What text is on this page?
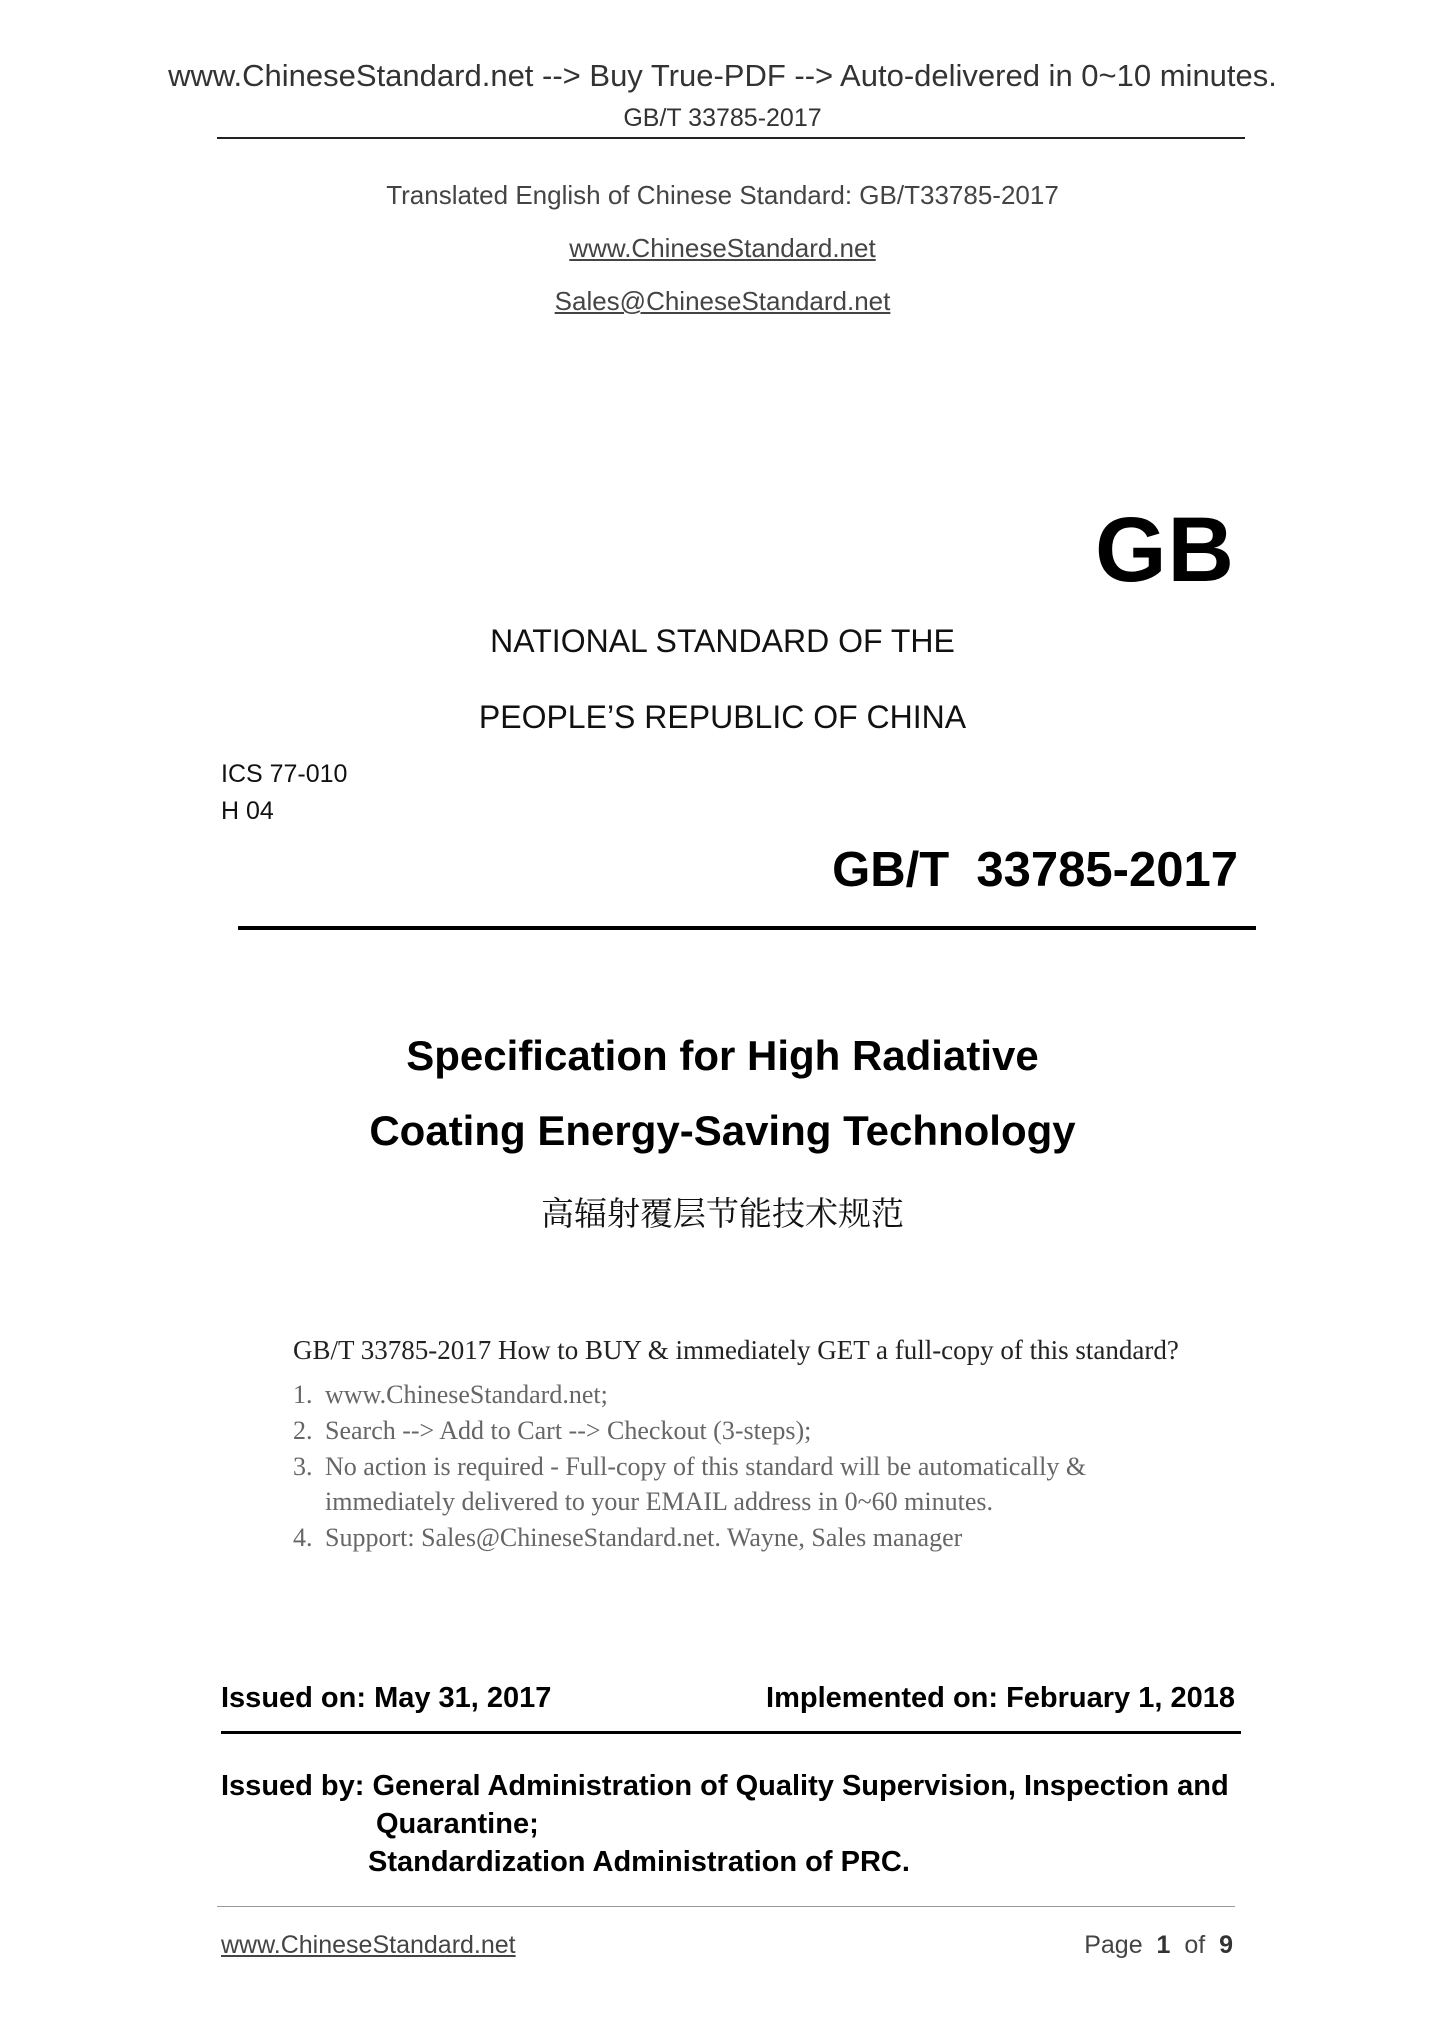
www.ChineseStandard.net --> Buy True-PDF --> Auto-delivered in 0~10 minutes.
GB/T 33785-2017
Translated English of Chinese Standard: GB/T33785-2017
www.ChineseStandard.net
Sales@ChineseStandard.net
GB
NATIONAL STANDARD OF THE
PEOPLE’S REPUBLIC OF CHINA
ICS 77-010
H 04
GB/T  33785-2017
Specification for High Radiative
Coating Energy-Saving Technology
高辐射覆层节能技术规范
GB/T 33785-2017 How to BUY & immediately GET a full-copy of this standard?
1. www.ChineseStandard.net;
2. Search --> Add to Cart --> Checkout (3-steps);
3. No action is required - Full-copy of this standard will be automatically &
immediately delivered to your EMAIL address in 0~60 minutes.
4. Support: Sales@ChineseStandard.net. Wayne, Sales manager
Issued on: May 31, 2017	Implemented on: February 1, 2018
Issued by: General Administration of Quality Supervision, Inspection and
Quarantine;
Standardization Administration of PRC.
www.ChineseStandard.net	Page 1 of 9
